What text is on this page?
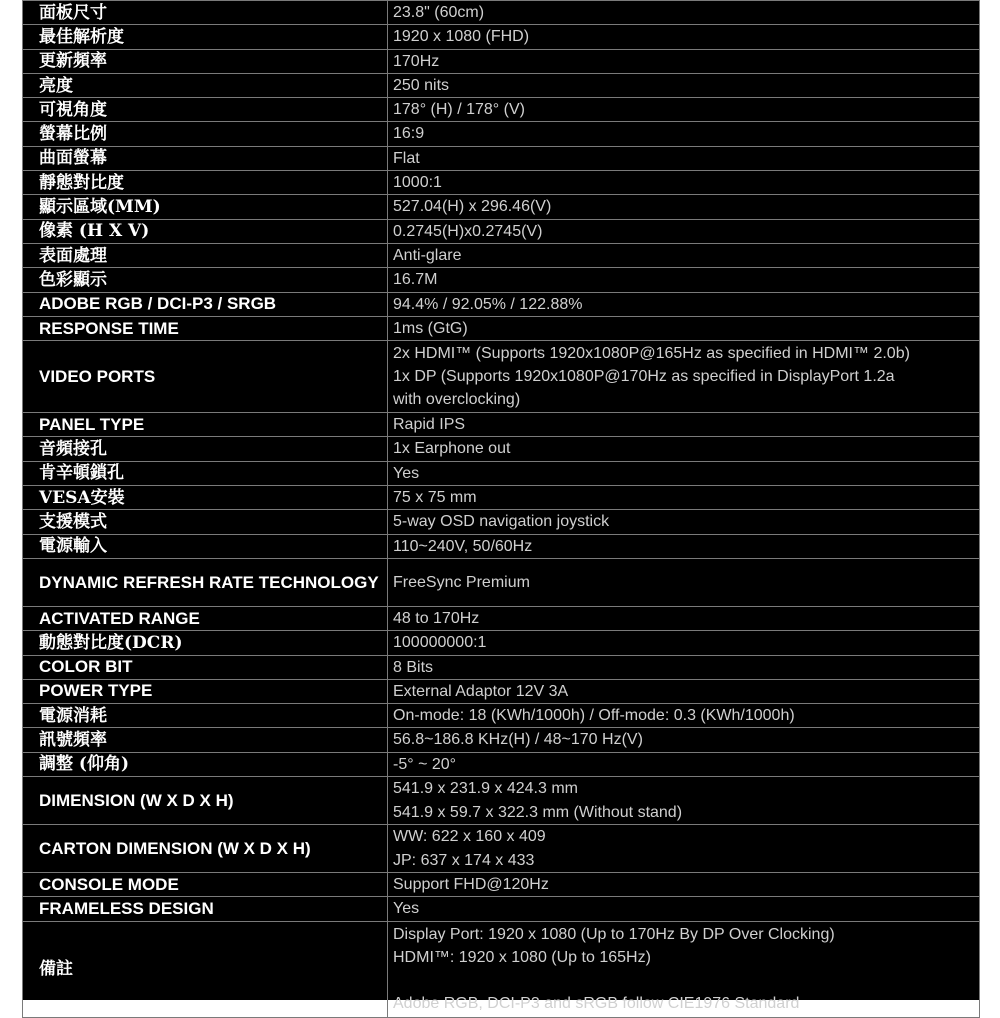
面板尺寸	23.8" (60cm)
最佳解析度	1920 x 1080 (FHD)
更新頻率	170Hz
亮度	250 nits
可視角度	178° (H) / 178° (V)
螢幕比例	16:9
曲面螢幕	Flat
靜態對比度	1000:1
顯示區域(MM)	527.04(H) x 296.46(V)
像素 (H X V)	0.2745(H)x0.2745(V)
表面處理	Anti-glare
色彩顯示	16.7M
ADOBE RGB / DCI-P3 / SRGB	94.4% / 92.05% / 122.88%
RESPONSE TIME	1ms (GtG)
VIDEO PORTS	2x HDMI™ (Supports 1920x1080P@165Hz as specified in HDMI™ 2.0b)
1x DP (Supports 1920x1080P@170Hz as specified in DisplayPort 1.2a
with overclocking)

PANEL TYPE	Rapid IPS
音頻接孔	1x Earphone out
肯辛頓鎖孔	Yes
VESA安裝	75 x 75 mm
支援模式	5-way OSD navigation joystick
電源輸入	110~240V, 50/60Hz
DYNAMIC REFRESH RATE TECHNOLOGY	FreeSync Premium
ACTIVATED RANGE	48 to 170Hz
動態對比度(DCR)	100000000:1
COLOR BIT	8 Bits
POWER TYPE	External Adaptor 12V 3A
電源消耗	On-mode: 18 (KWh/1000h) / Off-mode: 0.3 (KWh/1000h)
訊號頻率	56.8~186.8 KHz(H) / 48~170 Hz(V)
調整 (仰角)	-5° ~ 20°
DIMENSION (W X D X H)	541.9 x 231.9 x 424.3 mm
541.9 x 59.7 x 322.3 mm (Without stand)

CARTON DIMENSION (W X D X H)	WW: 622 x 160 x 409
JP: 637 x 174 x 433

CONSOLE MODE	Support FHD@120Hz
FRAMELESS DESIGN	Yes
備註	Display Port: 1920 x 1080 (Up to 170Hz By DP Over Clocking)
HDMI™: 1920 x 1080 (Up to 165Hz)
Adobe RGB, DCI-P3 and sRGB follow CIE1976 Standard
